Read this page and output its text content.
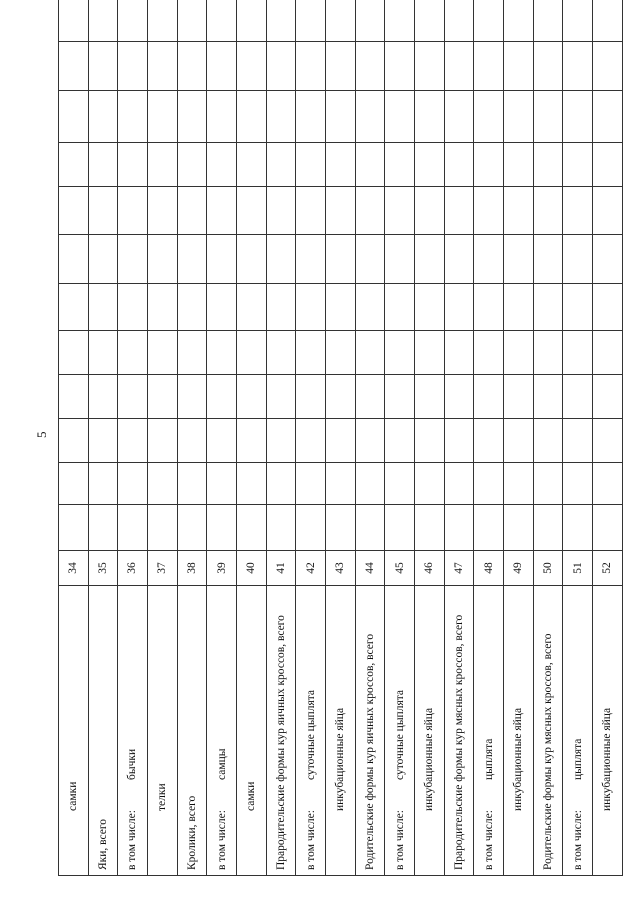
5
самки	34														
Яки, всего	35														
в том числе:бычки	36														
телки	37														
Кролики, всего	38														
в том числе:самцы	39														
самки	40														
Прародительские формы кур яичных кроссов, всего	41														
в том числе:суточные цыплята	42														
инкубационные яйца	43														
Родительские формы кур яичных кроссов, всего	44														
в том числе:суточные цыплята	45														
инкубационные яйца	46														
Прародительские формы кур мясных кроссов, всего	47														
в том числе:цыплята	48														
инкубационные яйца	49														
Родительские формы кур мясных кроссов, всего	50														
в том числе:цыплята	51														
инкубационные яйца	52														
